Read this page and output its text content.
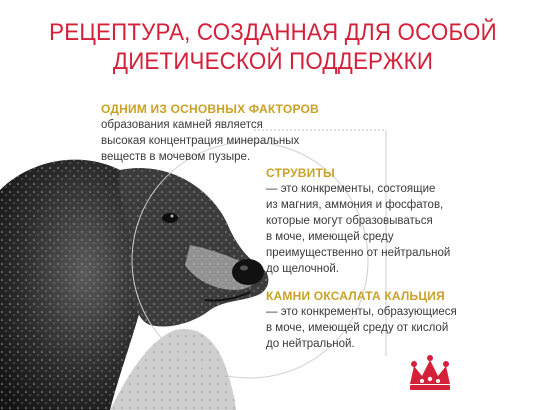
РЕЦЕПТУРА, СОЗДАННАЯ ДЛЯ ОСОБОЙ
ДИЕТИЧЕСКОЙ ПОДДЕРЖКИ
ОДНИМ ИЗ ОСНОВНЫХ ФАКТОРОВ
образования камней является
высокая концентрация минеральных
веществ в мочевом пузыре.
СТРУВИТЫ
— это конкременты, состоящие
из магния, аммония и фосфатов,
которые могут образовываться
в моче, имеющей среду
преимущественно от нейтральной
до щелочной.
КАМНИ ОКСАЛАТА КАЛЬЦИЯ
— это конкременты, образующиеся
в моче, имеющей среду от кислой
до нейтральной.
